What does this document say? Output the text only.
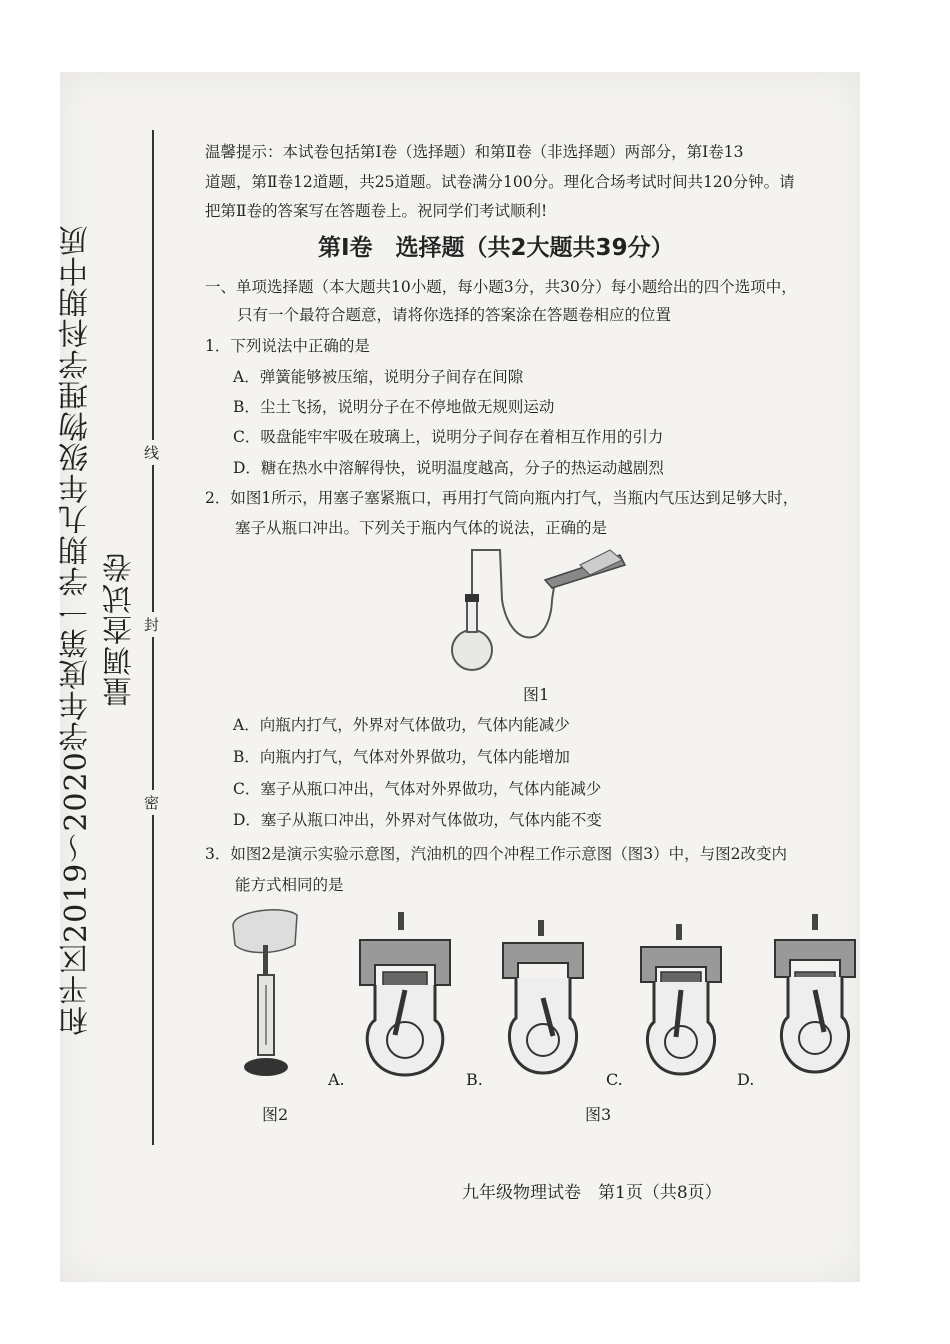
和平区2019～2020学年度第一学期九年级物理学科期中质量调查试卷
线
封
密
温馨提示：本试卷包括第Ⅰ卷（选择题）和第Ⅱ卷（非选择题）两部分，第Ⅰ卷13
道题，第Ⅱ卷12道题，共25道题。试卷满分100分。理化合场考试时间共120分钟。请
把第Ⅱ卷的答案写在答题卷上。祝同学们考试顺利!
第Ⅰ卷　选择题（共2大题共39分）
一、单项选择题（本大题共10小题，每小题3分，共30分）每小题给出的四个选项中，
只有一个最符合题意，请将你选择的答案涂在答题卷相应的位置
1．下列说法中正确的是
A．弹簧能够被压缩，说明分子间存在间隙
B．尘土飞扬，说明分子在不停地做无规则运动
C．吸盘能牢牢吸在玻璃上，说明分子间存在着相互作用的引力
D．糖在热水中溶解得快，说明温度越高，分子的热运动越剧烈
2．如图1所示，用塞子塞紧瓶口，再用打气筒向瓶内打气，当瓶内气压达到足够大时，
塞子从瓶口冲出。下列关于瓶内气体的说法，正确的是
图1
A．向瓶内打气，外界对气体做功，气体内能减少
B．向瓶内打气，气体对外界做功，气体内能增加
C．塞子从瓶口冲出，气体对外界做功，气体内能减少
D．塞子从瓶口冲出，外界对气体做功，气体内能不变
3．如图2是演示实验示意图，汽油机的四个冲程工作示意图（图3）中，与图2改变内
能方式相同的是
图2
A.	B.	C.	D.
图3
九年级物理试卷　第1页（共8页）
